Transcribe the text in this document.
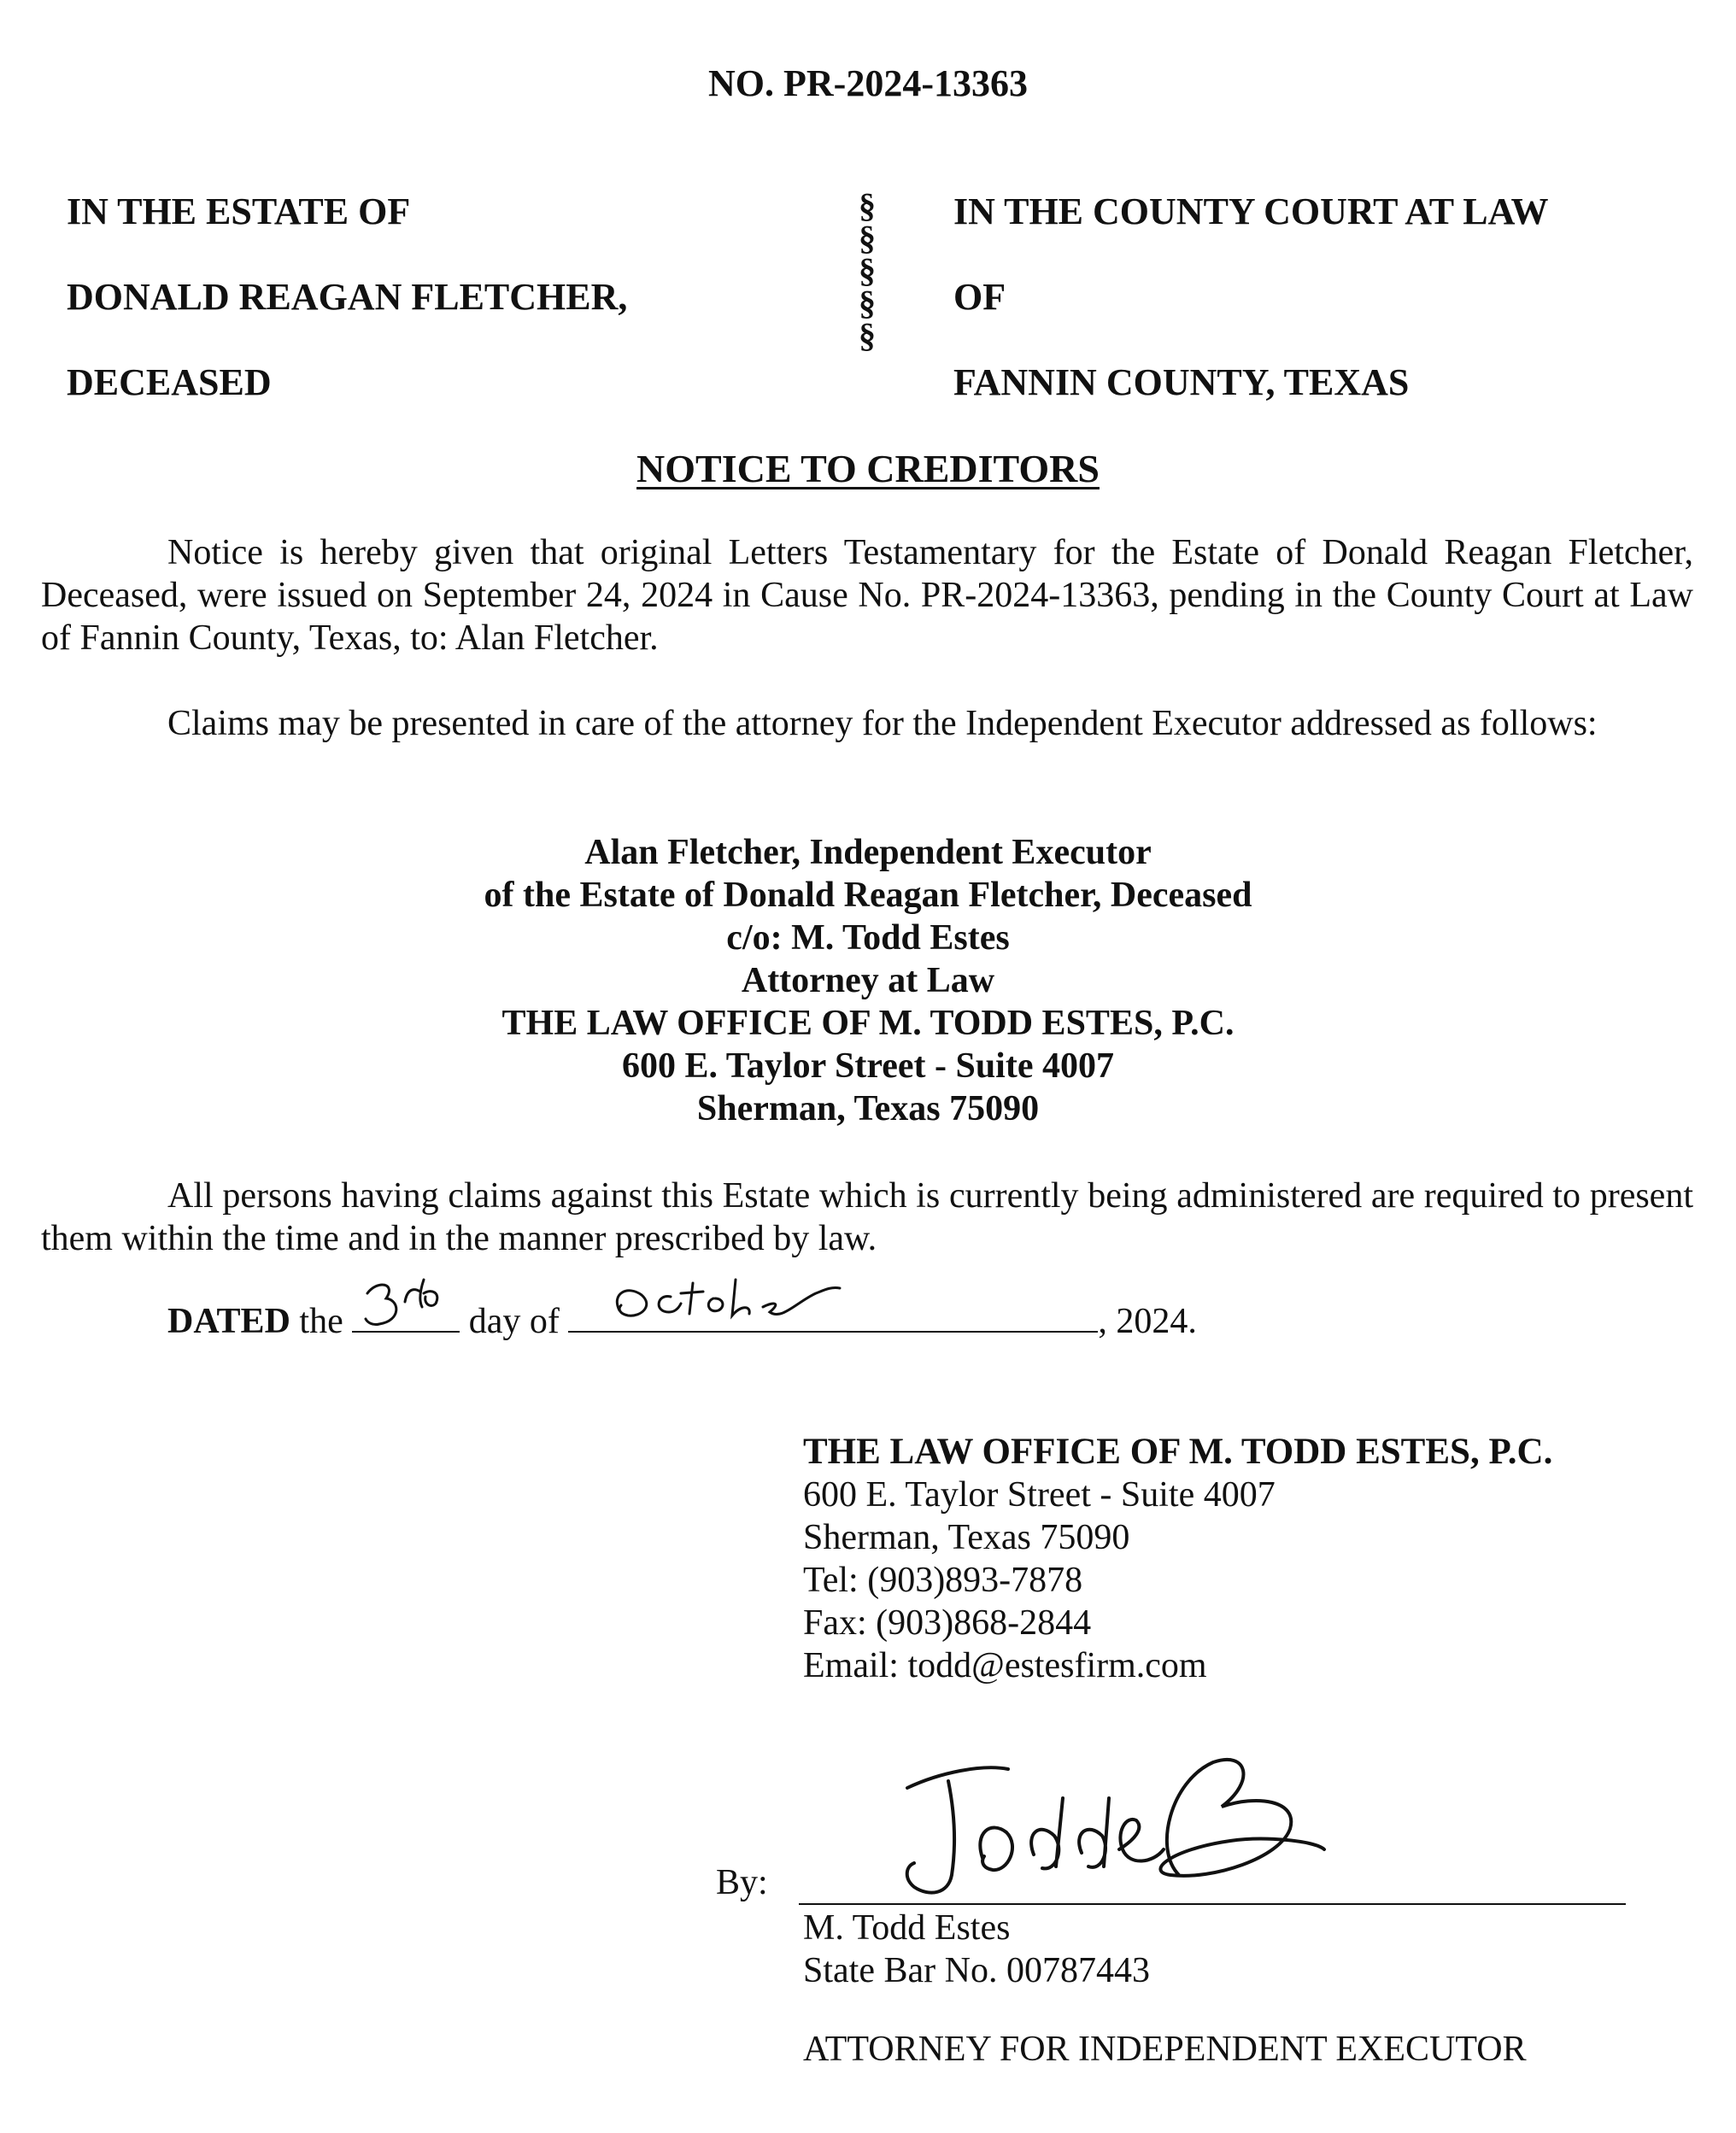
NO. PR-2024-13363
IN THE ESTATE OF
DONALD REAGAN FLETCHER,
DECEASED
§
§
§
§
§
IN THE COUNTY COURT AT LAW
OF
FANNIN COUNTY, TEXAS
NOTICE TO CREDITORS
Notice is hereby given that original Letters Testamentary for the Estate of Donald Reagan Fletcher, Deceased, were issued on September 24, 2024 in Cause No. PR-2024-13363, pending in the County Court at Law of Fannin County, Texas, to: Alan Fletcher.
Claims may be presented in care of the attorney for the Independent Executor addressed as follows:
Alan Fletcher, Independent Executor
of the Estate of Donald Reagan Fletcher, Deceased
c/o: M. Todd Estes
Attorney at Law
THE LAW OFFICE OF M. TODD ESTES, P.C.
600 E. Taylor Street - Suite 4007
Sherman, Texas 75090
All persons having claims against this Estate which is currently being administered are required to present them within the time and in the manner prescribed by law.
DATED the	day of	, 2024.
THE LAW OFFICE OF M. TODD ESTES, P.C.
600 E. Taylor Street - Suite 4007
Sherman, Texas 75090
Tel: (903)893-7878
Fax: (903)868-2844
Email: todd@estesfirm.com
By:
M. Todd Estes
State Bar No. 00787443
ATTORNEY FOR INDEPENDENT EXECUTOR
